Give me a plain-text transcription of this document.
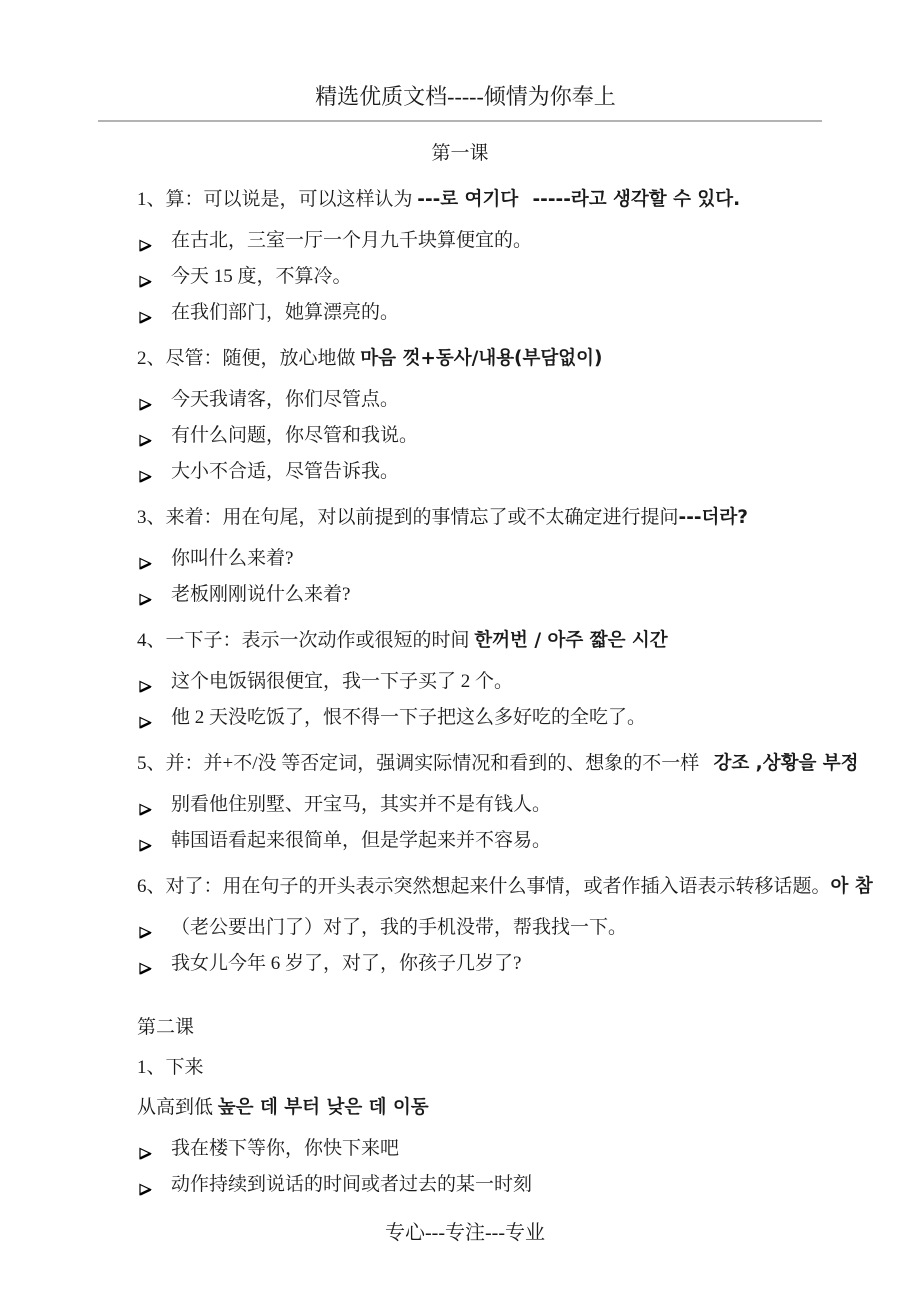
精选优质文档-----倾情为你奉上

第一课
1、算：可以说是，可以这样认为 ---로 여기다 -----라고 생각할 수 있다.
在古北，三室一厅一个月九千块算便宜的。
今天 15 度，不算冷。
在我们部门，她算漂亮的。
2、尽管：随便，放心地做 마음 껏+동사/내용(부담없이)
今天我请客，你们尽管点。
有什么问题，你尽管和我说。
大小不合适，尽管告诉我。
3、来着：用在句尾，对以前提到的事情忘了或不太确定进行提问---더라?
你叫什么来着?
老板刚刚说什么来着?
4、一下子：表示一次动作或很短的时间 한꺼번 / 아주 짧은 시간
这个电饭锅很便宜，我一下子买了 2 个。
他 2 天没吃饭了，恨不得一下子把这么多好吃的全吃了。
5、并：并+不/没 等否定词，强调实际情况和看到的、想象的不一样   강조 ,상황을 부정
别看他住别墅、开宝马，其实并不是有钱人。
韩国语看起来很简单，但是学起来并不容易。
6、对了：用在句子的开头表示突然想起来什么事情，或者作插入语表示转移话题。아 참
（老公要出门了）对了，我的手机没带，帮我找一下。
我女儿今年 6 岁了，对了，你孩子几岁了?
第二课
1、下来
从高到低 높은 데 부터 낮은 데 이동
我在楼下等你，你快下来吧
动作持续到说话的时间或者过去的某一时刻

专心---专注---专业
